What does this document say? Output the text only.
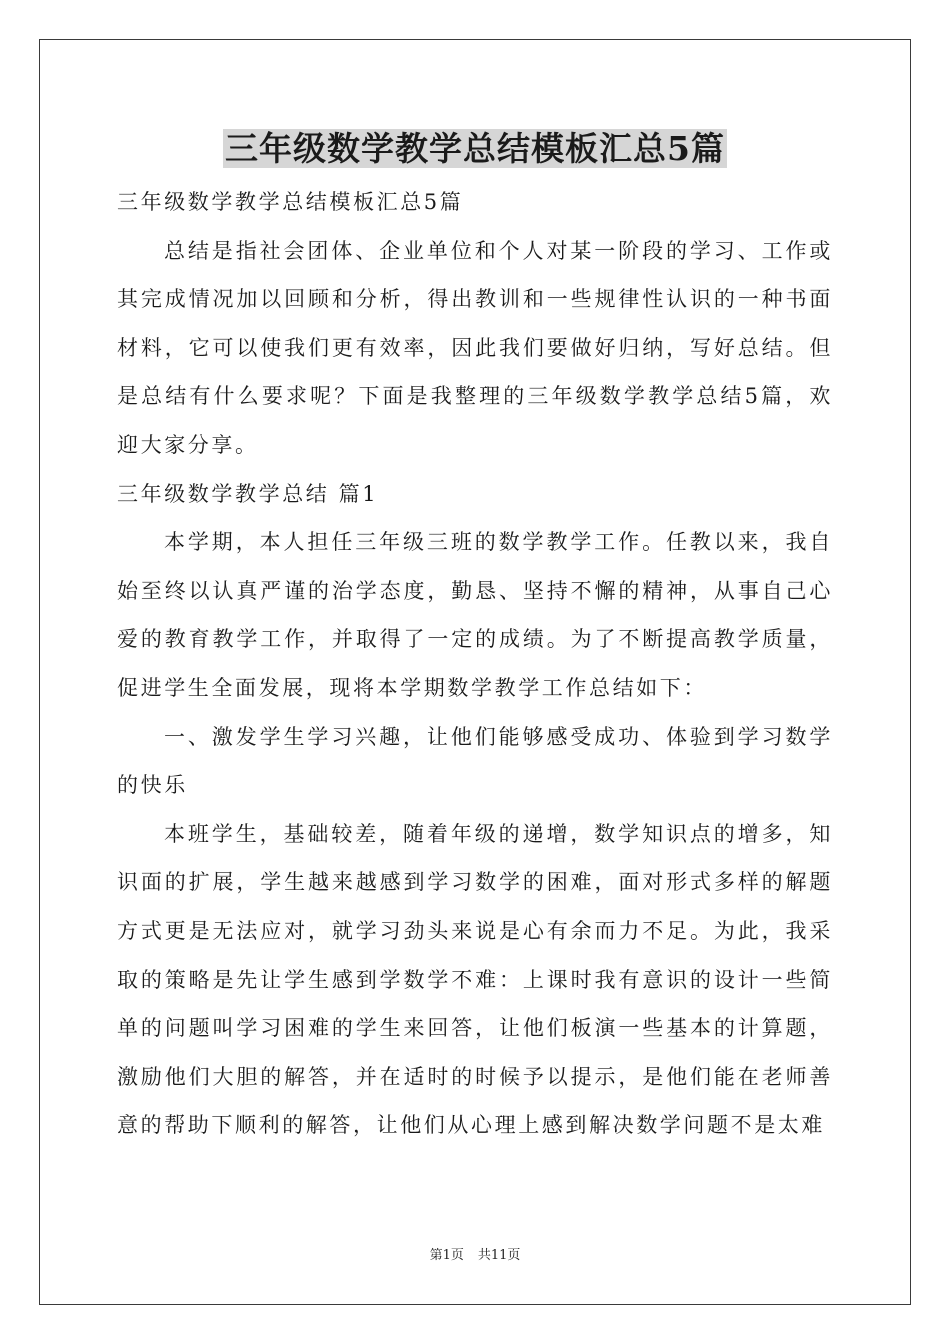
三年级数学教学总结模板汇总5篇

三年级数学教学总结模板汇总5篇

总结是指社会团体、企业单位和个人对某一阶段的学习、工作或其完成情况加以回顾和分析，得出教训和一些规律性认识的一种书面材料，它可以使我们更有效率，因此我们要做好归纳，写好总结。但是总结有什么要求呢？下面是我整理的三年级数学教学总结5篇，欢迎大家分享。

三年级数学教学总结 篇1

本学期，本人担任三年级三班的数学教学工作。任教以来，我自始至终以认真严谨的治学态度，勤恳、坚持不懈的精神，从事自己心爱的教育教学工作，并取得了一定的成绩。为了不断提高教学质量，促进学生全面发展，现将本学期数学教学工作总结如下：

一、激发学生学习兴趣，让他们能够感受成功、体验到学习数学的快乐

本班学生，基础较差，随着年级的递增，数学知识点的增多，知识面的扩展，学生越来越感到学习数学的困难，面对形式多样的解题方式更是无法应对，就学习劲头来说是心有余而力不足。为此，我采取的策略是先让学生感到学数学不难：上课时我有意识的设计一些简单的问题叫学习困难的学生来回答，让他们板演一些基本的计算题，激励他们大胆的解答，并在适时的时候予以提示，是他们能在老师善意的帮助下顺利的解答，让他们从心理上感到解决数学问题不是太难

第1页 共11页
